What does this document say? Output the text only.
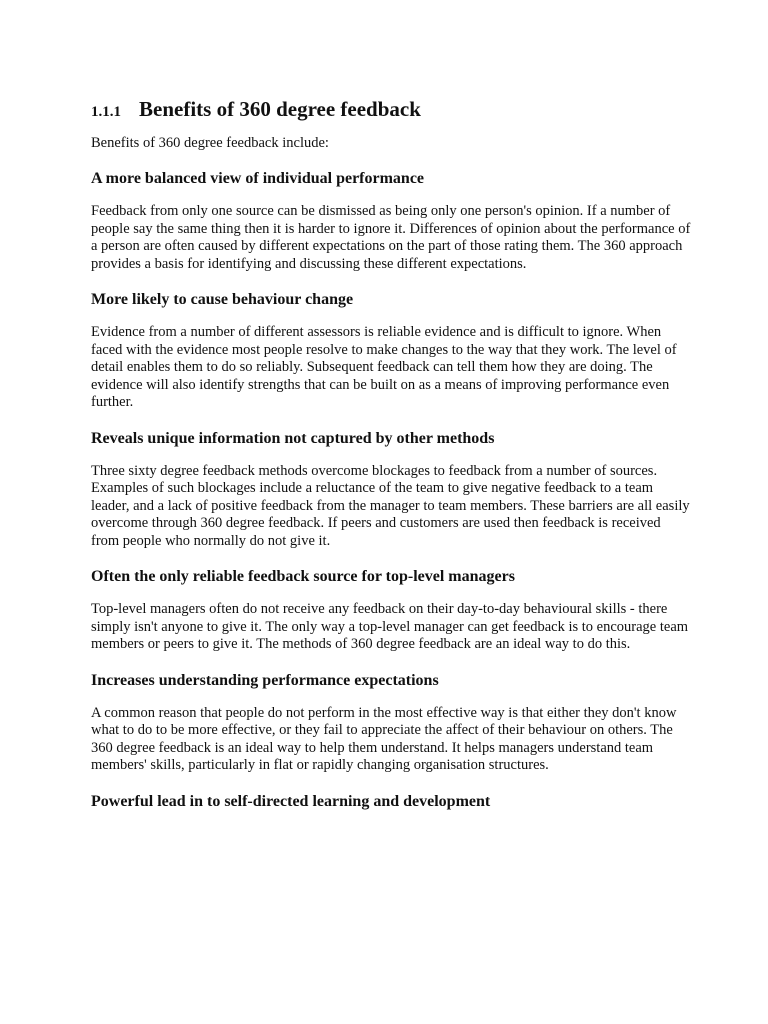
1.1.1 Benefits of 360 degree feedback

Benefits of 360 degree feedback include:

A more balanced view of individual performance

Feedback from only one source can be dismissed as being only one person's opinion. If a number of people say the same thing then it is harder to ignore it. Differences of opinion about the performance of a person are often caused by different expectations on the part of those rating them. The 360 approach provides a basis for identifying and discussing these different expectations.

More likely to cause behaviour change

Evidence from a number of different assessors is reliable evidence and is difficult to ignore. When faced with the evidence most people resolve to make changes to the way that they work. The level of detail enables them to do so reliably. Subsequent feedback can tell them how they are doing. The evidence will also identify strengths that can be built on as a means of improving performance even further.

Reveals unique information not captured by other methods

Three sixty degree feedback methods overcome blockages to feedback from a number of sources. Examples of such blockages include a reluctance of the team to give negative feedback to a team leader, and a lack of positive feedback from the manager to team members. These barriers are all easily overcome through 360 degree feedback. If peers and customers are used then feedback is received from people who normally do not give it.

Often the only reliable feedback source for top-level managers

Top-level managers often do not receive any feedback on their day-to-day behavioural skills - there simply isn't anyone to give it. The only way a top-level manager can get feedback is to encourage team members or peers to give it. The methods of 360 degree feedback are an ideal way to do this.

Increases understanding performance expectations

A common reason that people do not perform in the most effective way is that either they don't know what to do to be more effective, or they fail to appreciate the affect of their behaviour on others. The 360 degree feedback is an ideal way to help them understand. It helps managers understand team members' skills, particularly in flat or rapidly changing organisation structures.

Powerful lead in to self-directed learning and development
